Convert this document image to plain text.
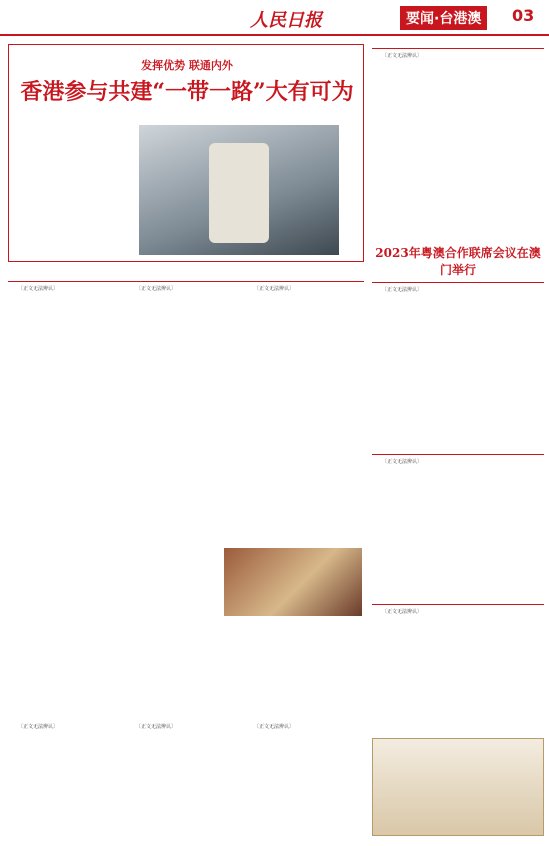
人民日报	要闻·台港澳	03
发挥优势 联通内外
香港参与共建“一带一路”大有可为

〔正文无法辨认〕	〔正文无法辨认〕	〔正文无法辨认〕

〔正文无法辨认〕

2023年粤澳合作联席会议在澳门举行

〔正文无法辨认〕

〔正文无法辨认〕

〔正文无法辨认〕

〔正文无法辨认〕	〔正文无法辨认〕	〔正文无法辨认〕
